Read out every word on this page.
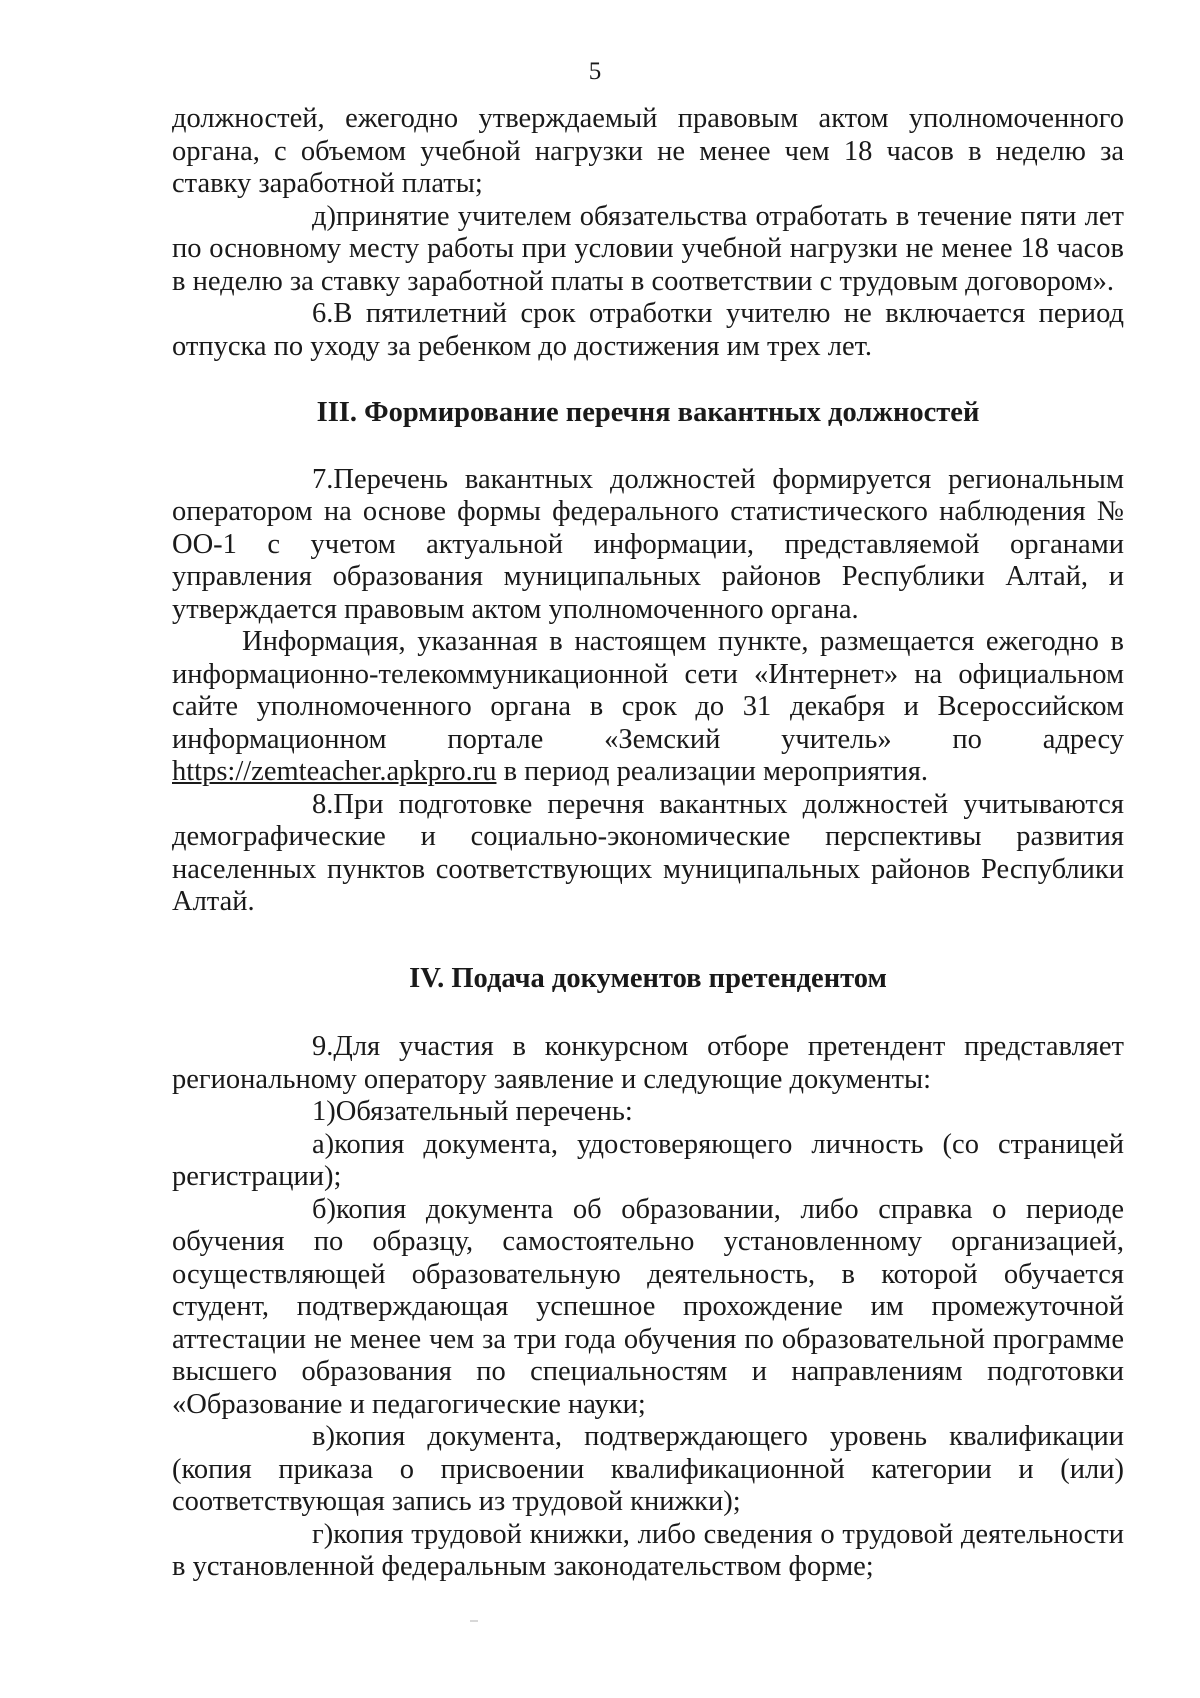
5

должностей, ежегодно утверждаемый правовым актом уполномоченного органа, с объемом учебной нагрузки не менее чем 18 часов в неделю за ставку заработной платы;

д)принятие учителем обязательства отработать в течение пяти лет по основному месту работы при условии учебной нагрузки не менее 18 часов в неделю за ставку заработной платы в соответствии с трудовым договором».

6.В пятилетний срок отработки учителю не включается период отпуска по уходу за ребенком до достижения им трех лет.

III. Формирование перечня вакантных должностей

7.Перечень вакантных должностей формируется региональным оператором на основе формы федерального статистического наблюдения № ОО-1 с учетом актуальной информации, представляемой органами управления образования муниципальных районов Республики Алтай, и утверждается правовым актом уполномоченного органа.

Информация, указанная в настоящем пункте, размещается ежегодно в информационно-телекоммуникационной сети «Интернет» на официальном сайте уполномоченного органа в срок до 31 декабря и Всероссийском информационном портале «Земский учитель» по адресу https://zemteacher.apkpro.ru в период реализации мероприятия.

8.При подготовке перечня вакантных должностей учитываются демографические и социально-экономические перспективы развития населенных пунктов соответствующих муниципальных районов Республики Алтай.

IV. Подача документов претендентом

9.Для участия в конкурсном отборе претендент представляет региональному оператору заявление и следующие документы:

1)Обязательный перечень:

а)копия документа, удостоверяющего личность (со страницей регистрации);

б)копия документа об образовании, либо справка о периоде обучения по образцу, самостоятельно установленному организацией, осуществляющей образовательную деятельность, в которой обучается студент, подтверждающая успешное прохождение им промежуточной аттестации не менее чем за три года обучения по образовательной программе высшего образования по специальностям и направлениям подготовки «Образование и педагогические науки;

в)копия документа, подтверждающего уровень квалификации (копия приказа о присвоении квалификационной категории и (или) соответствующая запись из трудовой книжки);

г)копия трудовой книжки, либо сведения о трудовой деятельности в установленной федеральным законодательством форме;
